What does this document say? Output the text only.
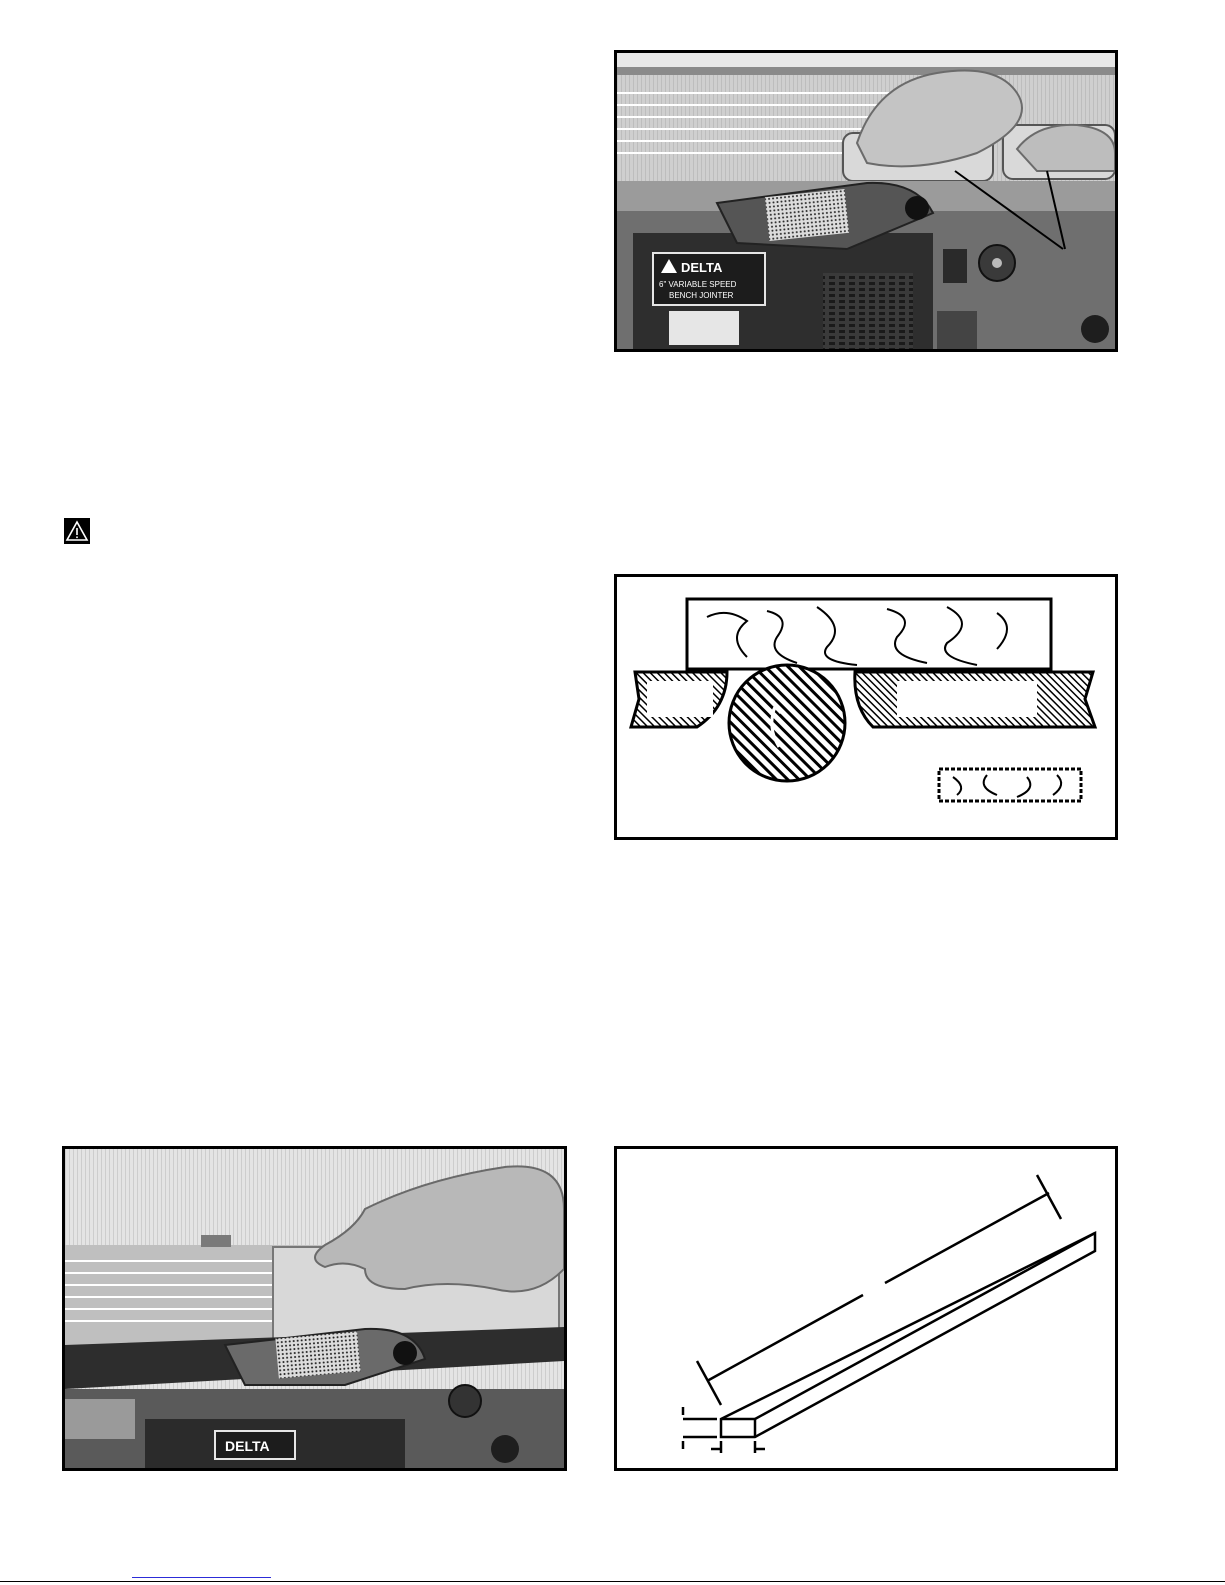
DELTA
6" VARIABLE SPEED
BENCH JOINTER
DELTA
